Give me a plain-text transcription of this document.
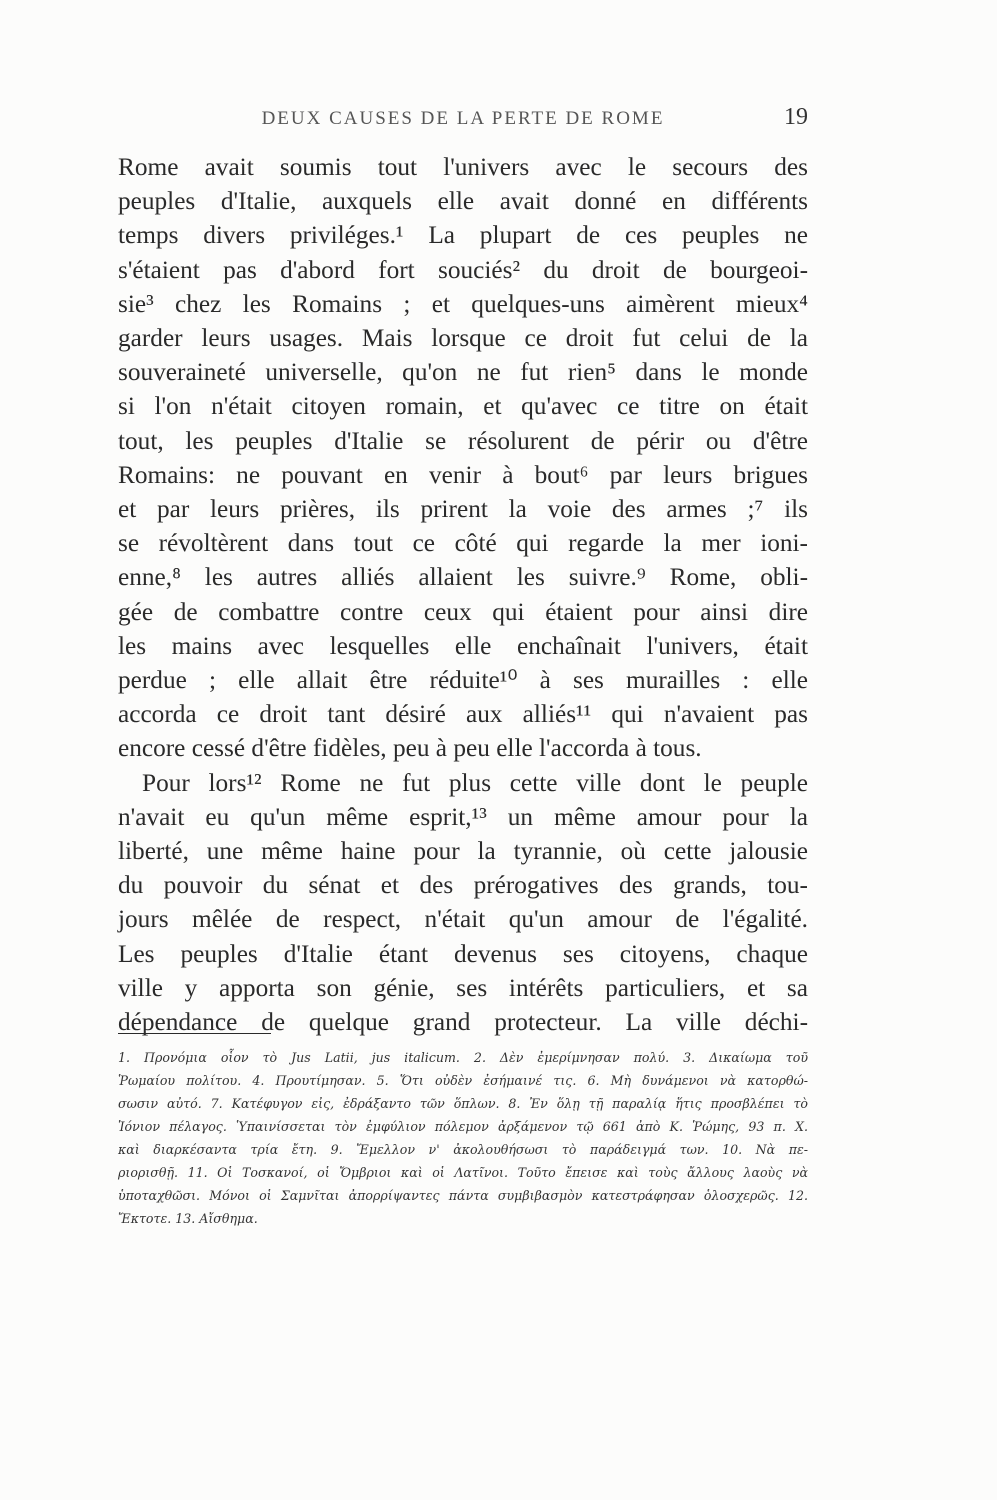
DEUX CAUSES DE LA PERTE DE ROME	19
Rome avait soumis tout l'univers avec le secours des
peuples d'Italie, auxquels elle avait donné en différents
temps divers priviléges.¹ La plupart de ces peuples ne
s'étaient pas d'abord fort souciés² du droit de bourgeoi-
sie³ chez les Romains ; et quelques-uns aimèrent mieux⁴
garder leurs usages. Mais lorsque ce droit fut celui de la
souveraineté universelle, qu'on ne fut rien⁵ dans le monde
si l'on n'était citoyen romain, et qu'avec ce titre on était
tout, les peuples d'Italie se résolurent de périr ou d'être
Romains: ne pouvant en venir à bout⁶ par leurs brigues
et par leurs prières, ils prirent la voie des armes ;⁷ ils
se révoltèrent dans tout ce côté qui regarde la mer ioni-
enne,⁸ les autres alliés allaient les suivre.⁹ Rome, obli-
gée de combattre contre ceux qui étaient pour ainsi dire
les mains avec lesquelles elle enchaînait l'univers, était
perdue ; elle allait être réduite¹⁰ à ses murailles : elle
accorda ce droit tant désiré aux alliés¹¹ qui n'avaient pas
encore cessé d'être fidèles, peu à peu elle l'accorda à tous.
Pour lors¹² Rome ne fut plus cette ville dont le peuple
n'avait eu qu'un même esprit,¹³ un même amour pour la
liberté, une même haine pour la tyrannie, où cette jalousie
du pouvoir du sénat et des prérogatives des grands, tou-
jours mêlée de respect, n'était qu'un amour de l'égalité.
Les peuples d'Italie étant devenus ses citoyens, chaque
ville y apporta son génie, ses intérêts particuliers, et sa
dépendance de quelque grand protecteur. La ville déchi-
1. Προνόμια οἷον τὸ Jus Latii, jus italicum. 2. Δὲν ἐμερίμνησαν πολύ. 3. Δικαίωμα τοῦ
Ῥωμαίου πολίτου. 4. Προυτίμησαν. 5. Ὅτι οὐδὲν ἐσήμαινέ τις. 6. Μὴ δυνάμενοι νὰ κατορθώ-
σωσιν αὐτό. 7. Κατέφυγον εἰς, ἐδράξαντο τῶν ὅπλων. 8. Ἐν ὅλῃ τῇ παραλίᾳ ἥτις προσβλέπει τὸ
Ἰόνιον πέλαγος. Ὑπαινίσσεται τὸν ἐμφύλιον πόλεμον ἀρξάμενον τῷ 661 ἀπὸ Κ. Ῥώμης, 93 π. Χ.
καὶ διαρκέσαντα τρία ἔτη. 9. Ἔμελλον ν' ἀκολουθήσωσι τὸ παράδειγμά των. 10. Νὰ πε-
ριορισθῇ. 11. Οἱ Τοσκανοί, οἱ Ὄμβριοι καὶ οἱ Λατῖνοι. Τοῦτο ἔπεισε καὶ τοὺς ἄλλους λαοὺς νὰ
ὑποταχθῶσι. Μόνοι οἱ Σαμνῖται ἀπορρίψαντες πάντα συμβιβασμὸν κατεστράφησαν ὁλοσχερῶς. 12.
Ἔκτοτε. 13. Αἴσθημα.
